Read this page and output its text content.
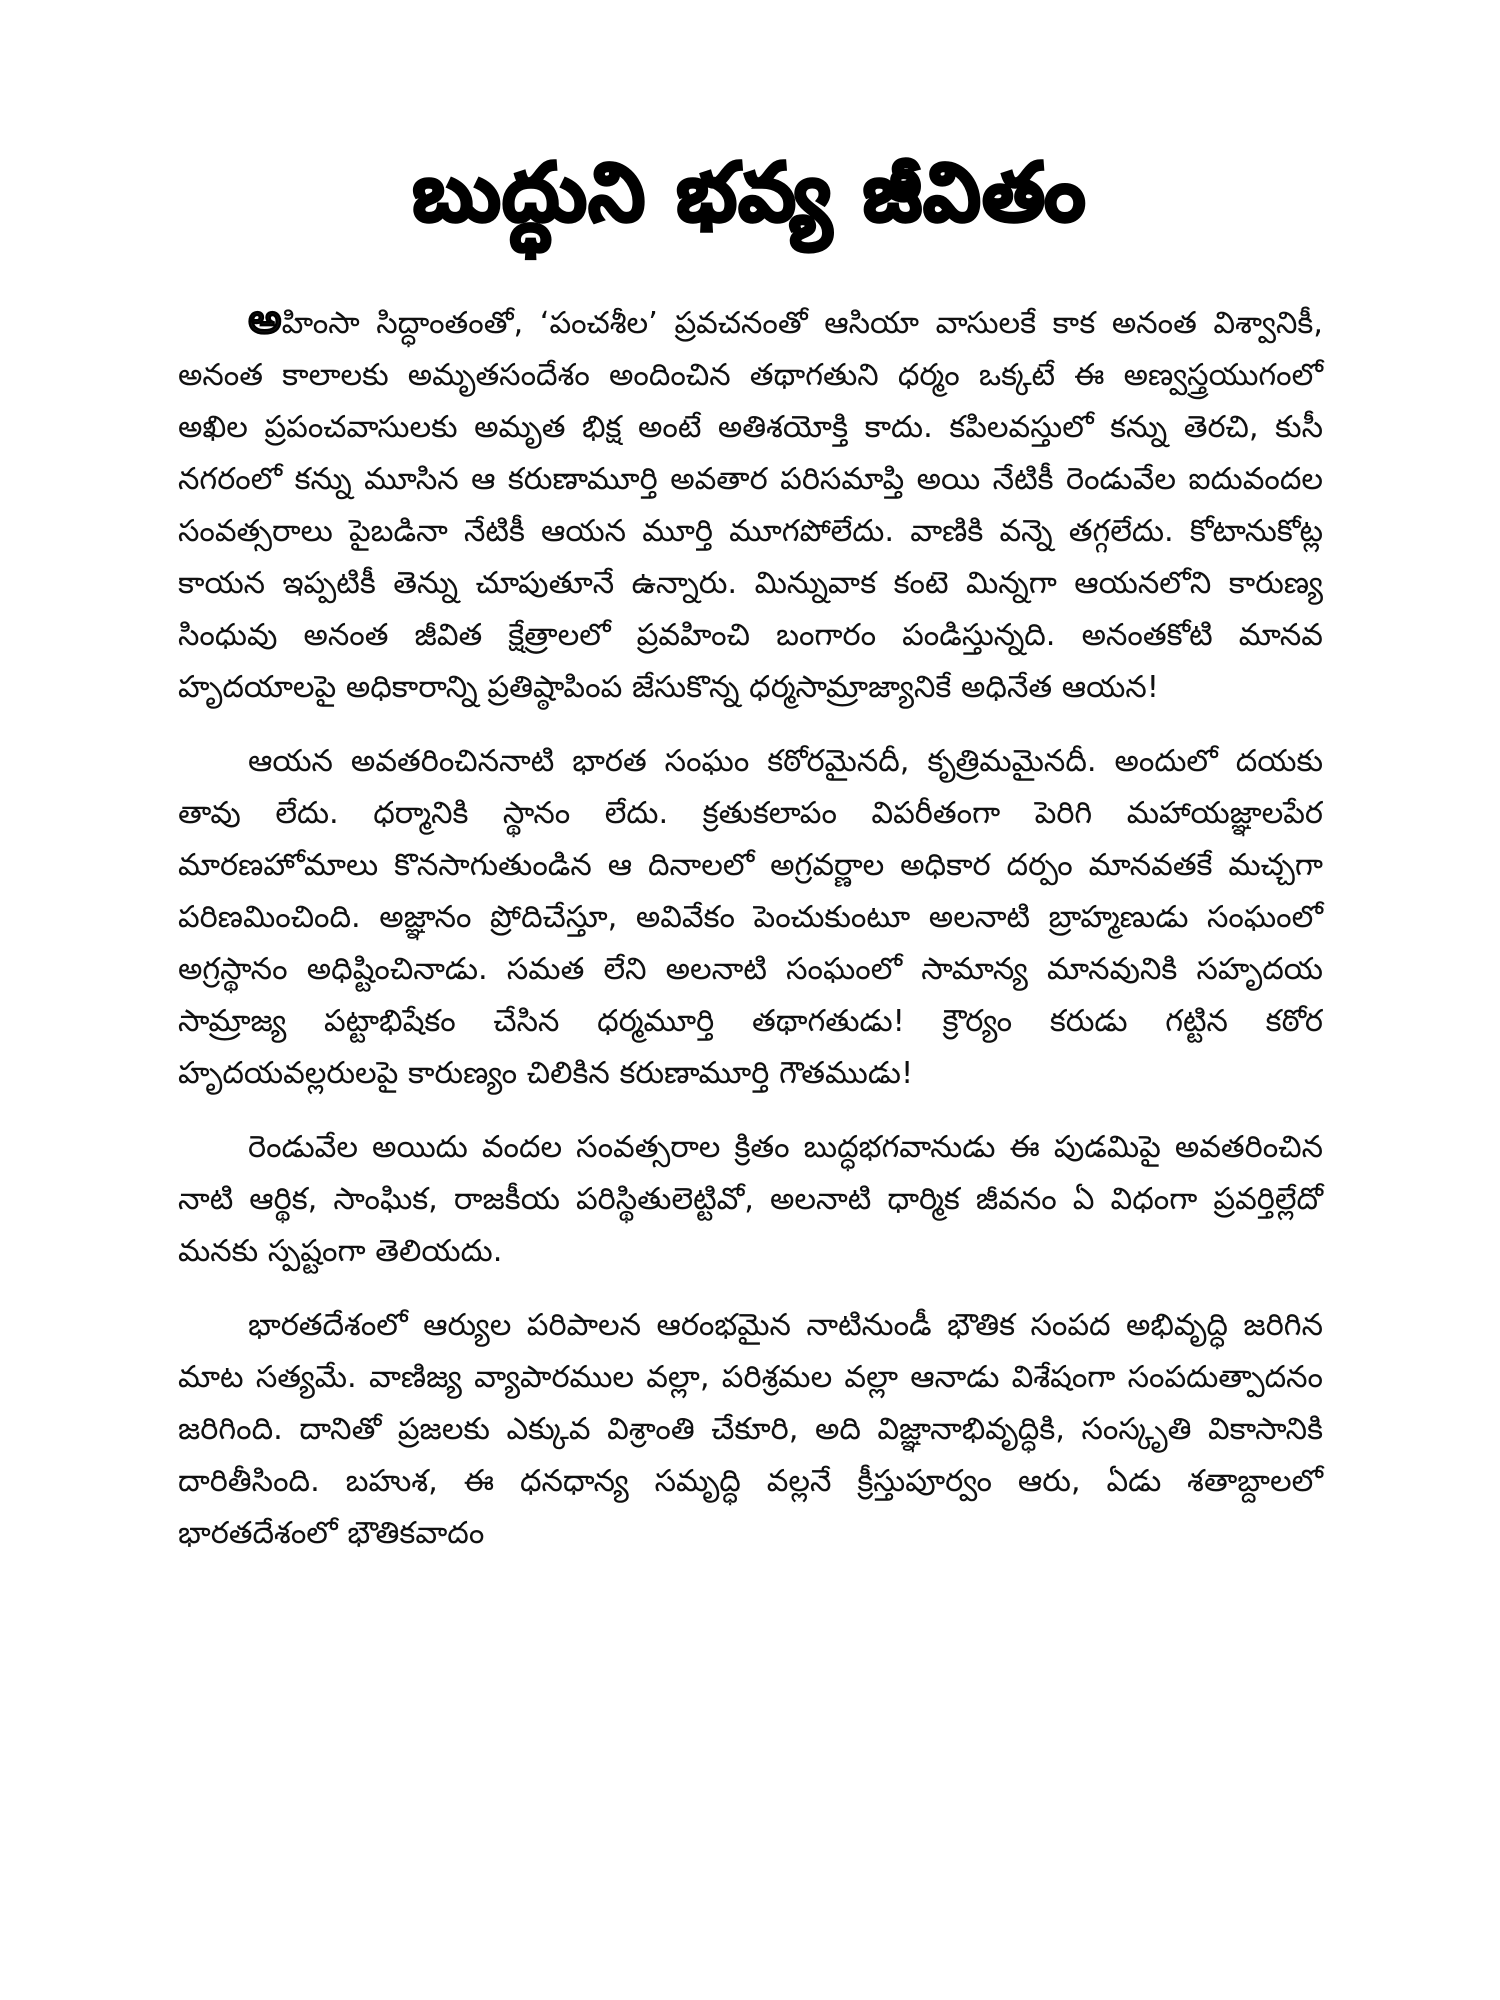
బుద్ధుని భవ్య జీవితం

అహింసా సిద్ధాంతంతో, ‘పంచశీల’ ప్రవచనంతో ఆసియా వాసులకే కాక అనంత విశ్వానికీ, అనంత కాలాలకు అమృతసందేశం అందించిన తథాగతుని ధర్మం ఒక్కటే ఈ అణ్వస్త్రయుగంలో అఖిల ప్రపంచవాసులకు అమృత భిక్ష అంటే అతిశయోక్తి కాదు. కపిలవస్తులో కన్ను తెరచి, కుసీ నగరంలో కన్ను మూసిన ఆ కరుణామూర్తి అవతార పరిసమాప్తి అయి నేటికీ రెండువేల ఐదువందల సంవత్సరాలు పైబడినా నేటికీ ఆయన మూర్తి మూగపోలేదు. వాణికి వన్నె తగ్గలేదు. కోటానుకోట్ల కాయన ఇప్పటికీ తెన్ను చూపుతూనే ఉన్నారు. మిన్నువాక కంటె మిన్నగా ఆయనలోని కారుణ్య సింధువు అనంత జీవిత క్షేత్రాలలో ప్రవహించి బంగారం పండిస్తున్నది. అనంతకోటి మానవ హృదయాలపై అధికారాన్ని ప్రతిష్ఠాపింప జేసుకొన్న ధర్మసామ్రాజ్యానికే అధినేత ఆయన!

ఆయన అవతరించిననాటి భారత సంఘం కఠోరమైనదీ, కృత్రిమమైనదీ. అందులో దయకు తావు లేదు. ధర్మానికి స్థానం లేదు. క్రతుకలాపం విపరీతంగా పెరిగి మహాయజ్ఞాలపేర మారణహోమాలు కొనసాగుతుండిన ఆ దినాలలో అగ్రవర్ణాల అధికార దర్పం మానవతకే మచ్చగా పరిణమించింది. అజ్ఞానం ప్రోదిచేస్తూ, అవివేకం పెంచుకుంటూ అలనాటి బ్రాహ్మణుడు సంఘంలో అగ్రస్థానం అధిష్టించినాడు. సమత లేని అలనాటి సంఘంలో సామాన్య మానవునికి సహృదయ సామ్రాజ్య పట్టాభిషేకం చేసిన ధర్మమూర్తి తథాగతుడు! క్రౌర్యం కరుడు గట్టిన కఠోర హృదయవల్లరులపై కారుణ్యం చిలికిన కరుణామూర్తి గౌతముడు!

రెండువేల అయిదు వందల సంవత్సరాల క్రితం బుద్ధభగవానుడు ఈ పుడమిపై అవతరించిన నాటి ఆర్థిక, సాంఘిక, రాజకీయ పరిస్థితులెట్టివో, అలనాటి ధార్మిక జీవనం ఏ విధంగా ప్రవర్తిల్లేదో మనకు స్పష్టంగా తెలియదు.

భారతదేశంలో ఆర్యుల పరిపాలన ఆరంభమైన నాటినుండీ భౌతిక సంపద అభివృద్ధి జరిగిన మాట సత్యమే. వాణిజ్య వ్యాపారముల వల్లా, పరిశ్రమల వల్లా ఆనాడు విశేషంగా సంపదుత్పాదనం జరిగింది. దానితో ప్రజలకు ఎక్కువ విశ్రాంతి చేకూరి, అది విజ్ఞానాభివృద్ధికి, సంస్కృతి వికాసానికి దారితీసింది. బహుశ, ఈ ధనధాన్య సమృద్ధి వల్లనే క్రీస్తుపూర్వం ఆరు, ఏడు శతాబ్దాలలో భారతదేశంలో భౌతికవాదం
